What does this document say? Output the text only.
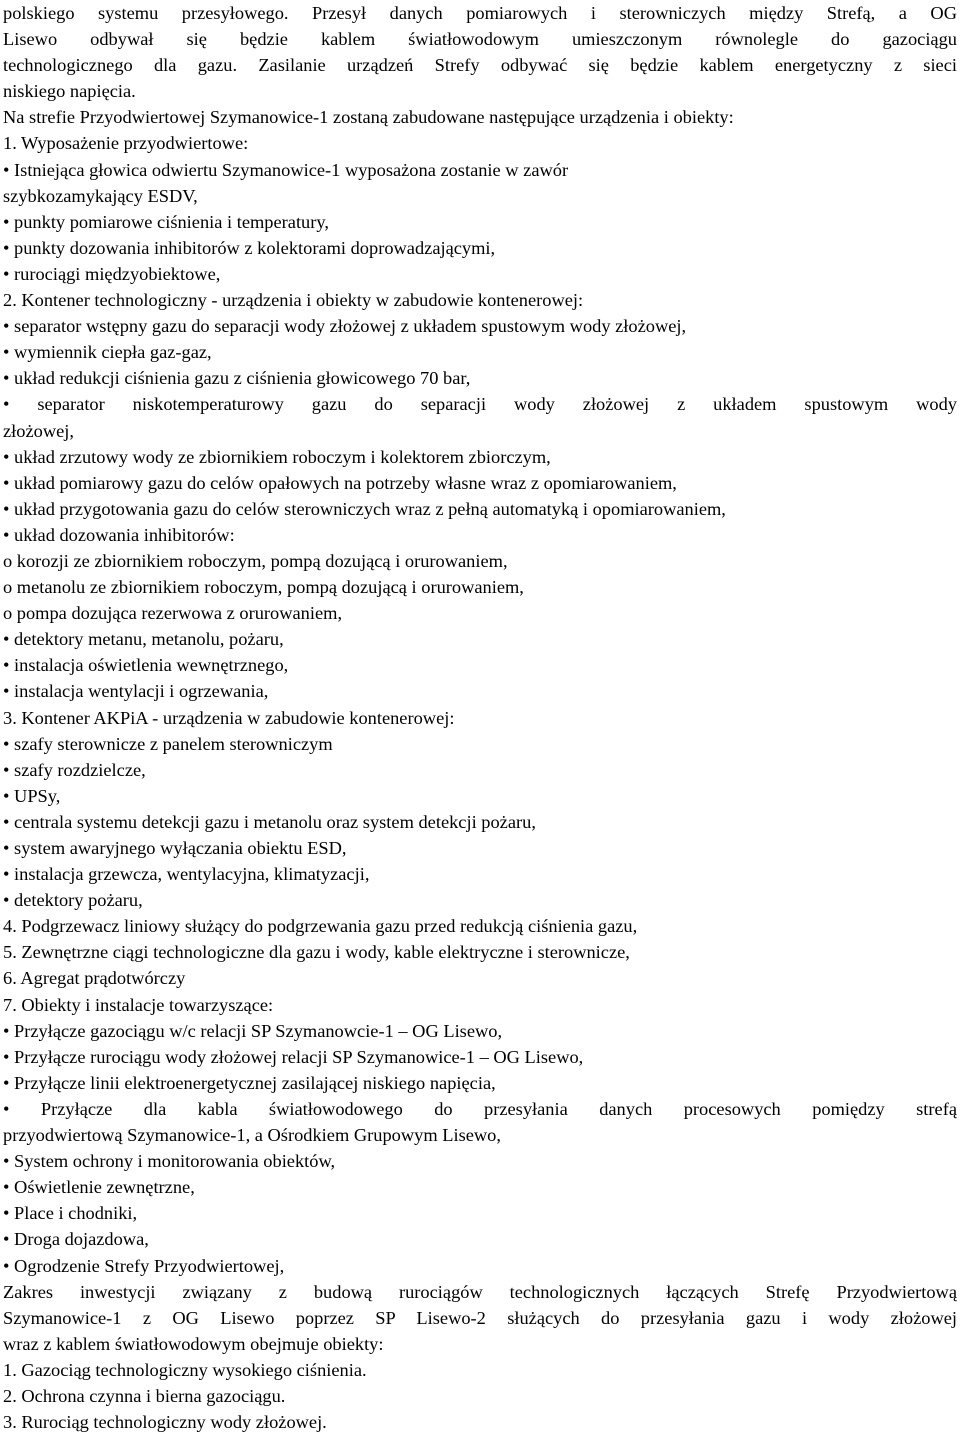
polskiego systemu przesyłowego. Przesył danych pomiarowych i sterowniczych między Strefą, a OG
Lisewo odbywał się będzie kablem światłowodowym umieszczonym równolegle do gazociągu
technologicznego dla gazu. Zasilanie urządzeń Strefy odbywać się będzie kablem energetyczny z sieci
niskiego napięcia.
Na strefie Przyodwiertowej Szymanowice-1 zostaną zabudowane następujące urządzenia i obiekty:
1. Wyposażenie przyodwiertowe:
• Istniejąca głowica odwiertu Szymanowice-1 wyposażona zostanie w zawór
szybkozamykający ESDV,
• punkty pomiarowe ciśnienia i temperatury,
• punkty dozowania inhibitorów z kolektorami doprowadzającymi,
• rurociągi międzyobiektowe,
2. Kontener technologiczny - urządzenia i obiekty w zabudowie kontenerowej:
• separator wstępny gazu do separacji wody złożowej z układem spustowym wody złożowej,
• wymiennik ciepła gaz-gaz,
• układ redukcji ciśnienia gazu z ciśnienia głowicowego 70 bar,
• separator niskotemperaturowy gazu do separacji wody złożowej z układem spustowym wody
złożowej,
• układ zrzutowy wody ze zbiornikiem roboczym i kolektorem zbiorczym,
• układ pomiarowy gazu do celów opałowych na potrzeby własne wraz z opomiarowaniem,
• układ przygotowania gazu do celów sterowniczych wraz z pełną automatyką i opomiarowaniem,
• układ dozowania inhibitorów:
o korozji ze zbiornikiem roboczym, pompą dozującą i orurowaniem,
o metanolu ze zbiornikiem roboczym, pompą dozującą i orurowaniem,
o pompa dozująca rezerwowa z orurowaniem,
• detektory metanu, metanolu, pożaru,
• instalacja oświetlenia wewnętrznego,
• instalacja wentylacji i ogrzewania,
3. Kontener AKPiA - urządzenia w zabudowie kontenerowej:
• szafy sterownicze z panelem sterowniczym
• szafy rozdzielcze,
• UPSy,
• centrala systemu detekcji gazu i metanolu oraz system detekcji pożaru,
• system awaryjnego wyłączania obiektu ESD,
• instalacja grzewcza, wentylacyjna, klimatyzacji,
• detektory pożaru,
4. Podgrzewacz liniowy służący do podgrzewania gazu przed redukcją ciśnienia gazu,
5. Zewnętrzne ciągi technologiczne dla gazu i wody, kable elektryczne i sterownicze,
6. Agregat prądotwórczy
7. Obiekty i instalacje towarzyszące:
• Przyłącze gazociągu w/c relacji SP Szymanowcie-1 – OG Lisewo,
• Przyłącze rurociągu wody złożowej relacji SP Szymanowice-1 – OG Lisewo,
• Przyłącze linii elektroenergetycznej zasilającej niskiego napięcia,
• Przyłącze dla kabla światłowodowego do przesyłania danych procesowych pomiędzy strefą
przyodwiertową Szymanowice-1, a Ośrodkiem Grupowym Lisewo,
• System ochrony i monitorowania obiektów,
• Oświetlenie zewnętrzne,
• Place i chodniki,
• Droga dojazdowa,
• Ogrodzenie Strefy Przyodwiertowej,
Zakres inwestycji związany z budową rurociągów technologicznych łączących Strefę Przyodwiertową
Szymanowice-1 z OG Lisewo poprzez SP Lisewo-2 służących do przesyłania gazu i wody złożowej
wraz z kablem światłowodowym obejmuje obiekty:
1. Gazociąg technologiczny wysokiego ciśnienia.
2. Ochrona czynna i bierna gazociągu.
3. Rurociąg technologiczny wody złożowej.
